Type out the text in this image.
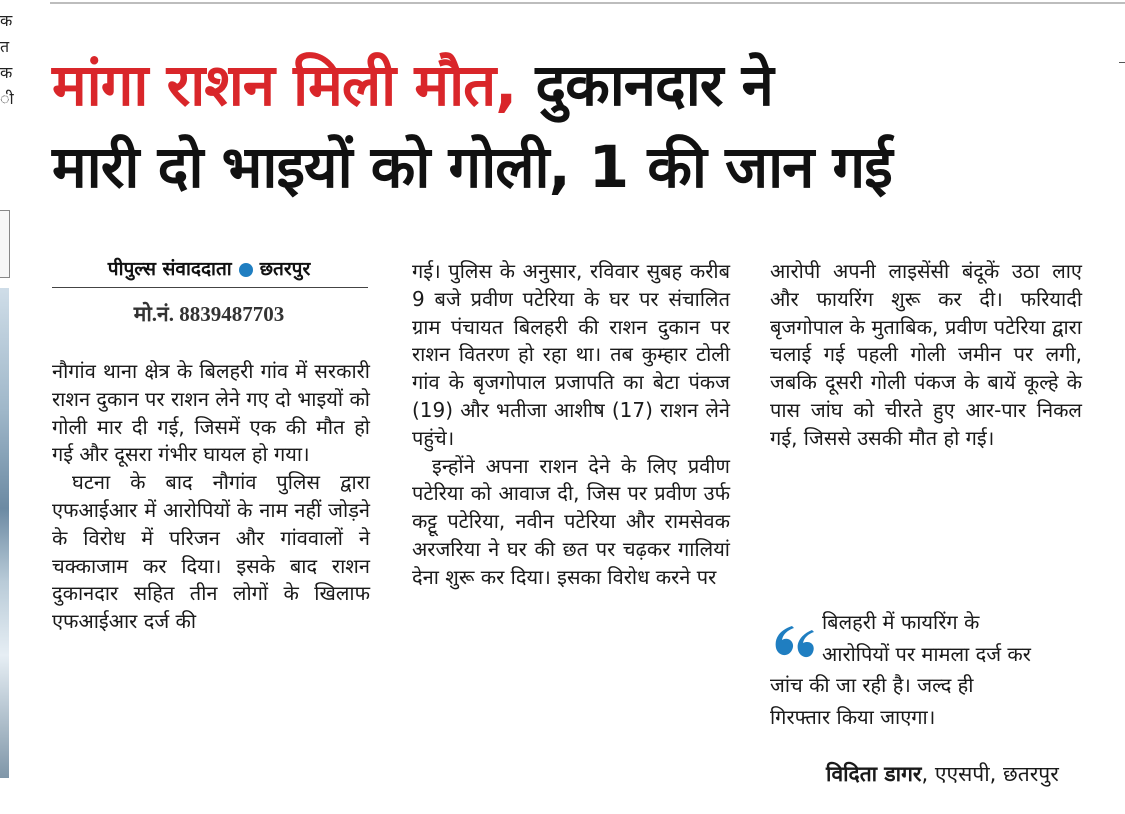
क
त
क
ी मांगा राशन मिली मौत, दुकानदार ने
मारी दो भाइयों को गोली, 1 की जान गई
पीपुल्स संवाददाता छतरपुर
मो.नं. 8839487703

नौगांव थाना क्षेत्र के बिलहरी गांव में सरकारी राशन दुकान पर राशन लेने गए दो भाइयों को गोली मार दी गई, जिसमें एक की मौत हो गई और दूसरा गंभीर घायल हो गया।

घटना के बाद नौगांव पुलिस द्वारा एफआईआर में आरोपियों के नाम नहीं जोड़ने के विरोध में परिजन और गांववालों ने चक्काजाम कर दिया। इसके बाद राशन दुकानदार सहित तीन लोगों के खिलाफ एफआईआर दर्ज की

गई। पुलिस के अनुसार, रविवार सुबह करीब 9 बजे प्रवीण पटेरिया के घर पर संचालित ग्राम पंचायत बिलहरी की राशन दुकान पर राशन वितरण हो रहा था। तब कुम्हार टोली गांव के बृजगोपाल प्रजापति का बेटा पंकज (19) और भतीजा आशीष (17) राशन लेने पहुंचे।

इन्होंने अपना राशन देने के लिए प्रवीण पटेरिया को आवाज दी, जिस पर प्रवीण उर्फ कट्टू पटेरिया, नवीन पटेरिया और रामसेवक अरजरिया ने घर की छत पर चढ़कर गालियां देना शुरू कर दिया। इसका विरोध करने पर

आरोपी अपनी लाइसेंसी बंदूकें उठा लाए और फायरिंग शुरू कर दी। फरियादी बृजगोपाल के मुताबिक, प्रवीण पटेरिया द्वारा चलाई गई पहली गोली जमीन पर लगी, जबकि दूसरी गोली पंकज के बायें कूल्हे के पास जांघ को चीरते हुए आर-पार निकल गई, जिससे उसकी मौत हो गई।

बिलहरी में फायरिंग के
आरोपियों पर मामला दर्ज कर
जांच की जा रही है। जल्द ही
गिरफ्तार किया जाएगा।
विदिता डागर, एएसपी, छतरपुर
